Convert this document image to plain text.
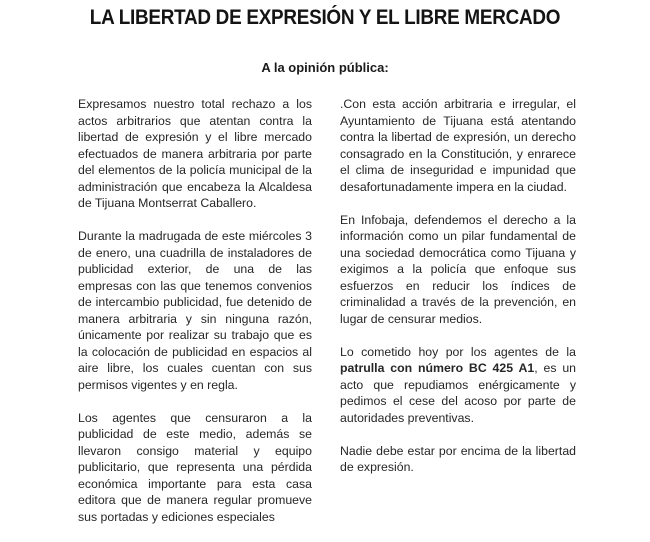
LA LIBERTAD DE EXPRESIÓN Y EL LIBRE MERCADO
A la opinión pública:

Expresamos nuestro total rechazo a los actos arbitrarios que atentan contra la libertad de expresión y el libre mercado efectuados de manera arbitraria por parte del elementos de la policía municipal de la administración que encabeza la Alcaldesa de Tijuana Montserrat Caballero.

Durante la madrugada de este miércoles 3 de enero, una cuadrilla de instaladores de publicidad exterior, de una de las empresas con las que tenemos convenios de intercambio publicidad, fue detenido de manera arbitraria y sin ninguna razón, únicamente por realizar su trabajo que es la colocación de publicidad en espacios al aire libre, los cuales cuentan con sus permisos vigentes y en regla.

Los agentes que censuraron a la publicidad de este medio, además se llevaron consigo material y equipo publicitario, que representa una pérdida económica importante para esta casa editora que de manera regular promueve sus portadas y ediciones especiales

.Con esta acción arbitraria e irregular, el Ayuntamiento de Tijuana está atentando contra la libertad de expresión, un derecho consagrado en la Constitución, y enrarece el clima de inseguridad e impunidad que desafortunadamente impera en la ciudad.

En Infobaja, defendemos el derecho a la información como un pilar fundamental de una sociedad democrática como Tijuana y exigimos a la policía que enfoque sus esfuerzos en reducir los índices de criminalidad a través de la prevención, en lugar de censurar medios.

Lo cometido hoy por los agentes de la patrulla con número BC 425 A1, es un acto que repudiamos enérgicamente y pedimos el cese del acoso por parte de autoridades preventivas.

Nadie debe estar por encima de la libertad de expresión.
